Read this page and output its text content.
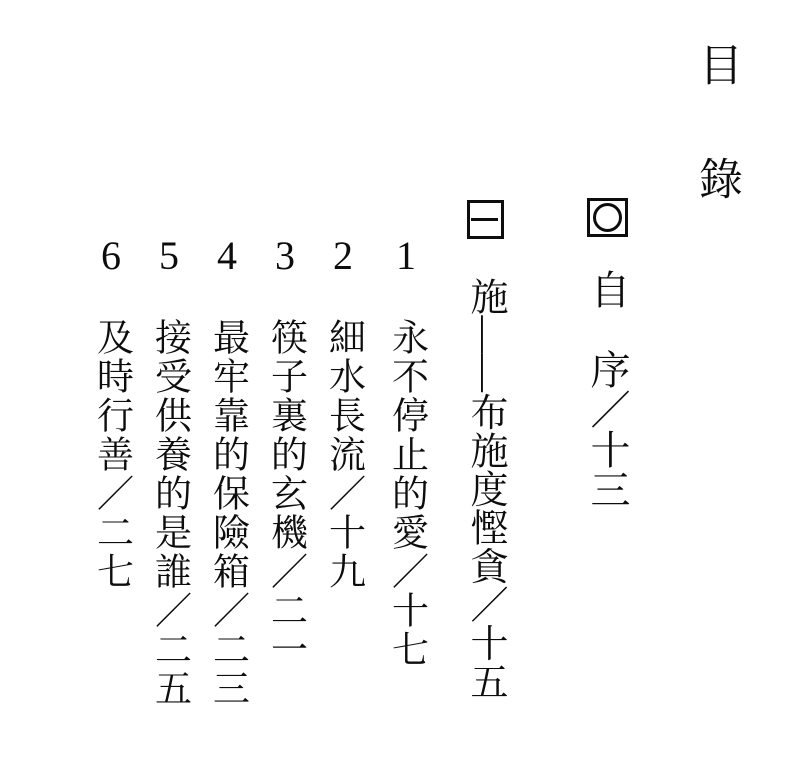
目錄
自　序／十三
施——布施度慳貪／十五
1
永不停止的愛／十七
2
細水長流／十九
3
筷子裏的玄機／二一
4
最牢靠的保險箱／二三
5
接受供養的是誰／二五
6
及時行善／二七
